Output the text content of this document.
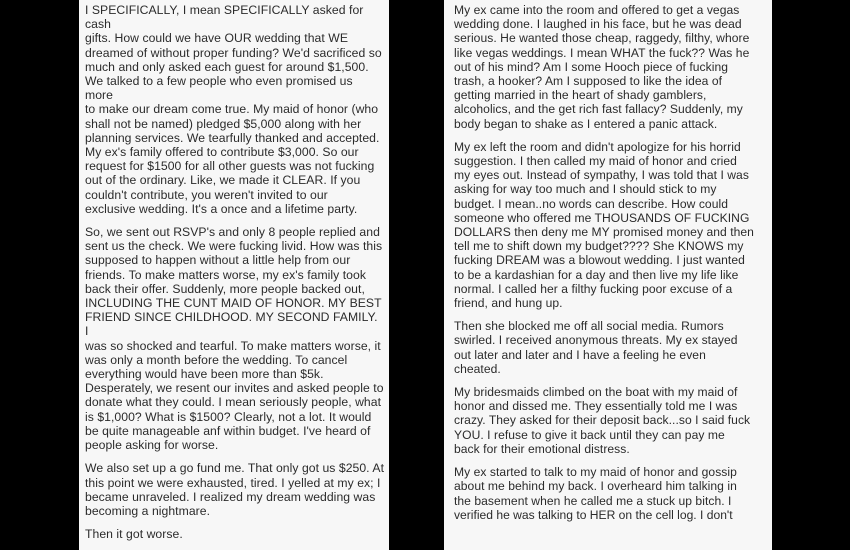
I SPECIFICALLY, I mean SPECIFICALLY asked for cash
gifts. How could we have OUR wedding that WE
dreamed of without proper funding? We'd sacrificed so
much and only asked each guest for around $1,500.
We talked to a few people who even promised us more
to make our dream come true. My maid of honor (who
shall not be named) pledged $5,000 along with her
planning services. We tearfully thanked and accepted.
My ex's family offered to contribute $3,000. So our
request for $1500 for all other guests was not fucking
out of the ordinary. Like, we made it CLEAR. If you
couldn't contribute, you weren't invited to our
exclusive wedding. It's a once and a lifetime party.

So, we sent out RSVP's and only 8 people replied and
sent us the check. We were fucking livid. How was this
supposed to happen without a little help from our
friends. To make matters worse, my ex's family took
back their offer. Suddenly, more people backed out,
INCLUDING THE CUNT MAID OF HONOR. MY BEST
FRIEND SINCE CHILDHOOD. MY SECOND FAMILY. I
was so shocked and tearful. To make matters worse, it
was only a month before the wedding. To cancel
everything would have been more than $5k.
Desperately, we resent our invites and asked people to
donate what they could. I mean seriously people, what
is $1,000? What is $1500? Clearly, not a lot. It would
be quite manageable anf within budget. I've heard of
people asking for worse.

We also set up a go fund me. That only got us $250. At
this point we were exhausted, tired. I yelled at my ex; I
became unraveled. I realized my dream wedding was
becoming a nightmare.

Then it got worse.

My ex came into the room and offered to get a vegas
wedding done. I laughed in his face, but he was dead
serious. He wanted those cheap, raggedy, filthy, whore
like vegas weddings. I mean WHAT the fuck?? Was he
out of his mind? Am I some Hooch piece of fucking
trash, a hooker? Am I supposed to like the idea of
getting married in the heart of shady gamblers,
alcoholics, and the get rich fast fallacy? Suddenly, my
body began to shake as I entered a panic attack.

My ex left the room and didn't apologize for his horrid
suggestion. I then called my maid of honor and cried
my eyes out. Instead of sympathy, I was told that I was
asking for way too much and I should stick to my
budget. I mean..no words can describe. How could
someone who offered me THOUSANDS OF FUCKING
DOLLARS then deny me MY promised money and then
tell me to shift down my budget???? She KNOWS my
fucking DREAM was a blowout wedding. I just wanted
to be a kardashian for a day and then live my life like
normal. I called her a filthy fucking poor excuse of a
friend, and hung up.

Then she blocked me off all social media. Rumors
swirled. I received anonymous threats. My ex stayed
out later and later and I have a feeling he even
cheated.

My bridesmaids climbed on the boat with my maid of
honor and dissed me. They essentially told me I was
crazy. They asked for their deposit back...so I said fuck
YOU. I refuse to give it back until they can pay me
back for their emotional distress.

My ex started to talk to my maid of honor and gossip
about me behind my back. I overheard him talking in
the basement when he called me a stuck up bitch. I

verified he was talking to HER on the cell log. I don't
